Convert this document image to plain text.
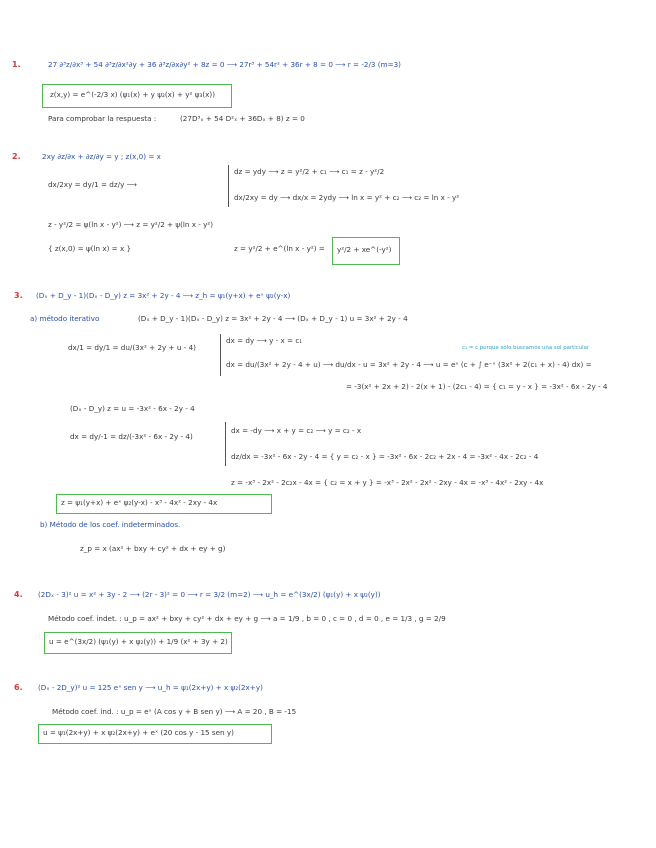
1.	27 ∂³z/∂x³ + 54 ∂³z/∂x²∂y + 36 ∂³z/∂x∂y² + 8z = 0 ⟶ 27r³ + 54r² + 36r + 8 = 0 ⟶ r = -2/3 (m=3)
z(x,y) = e^(-2/3 x) (ψ₁(x) + y ψ₂(x) + y² ψ₃(x))
Para comprobar la respuesta :	(27D³ₓ + 54 D²ₓ + 36Dₓ + 8) z = 0
2.	2xy ∂z/∂x + ∂z/∂y = y ; z(x,0) = x
dx/2xy = dy/1 = dz/y ⟶
dz = ydy ⟶ z = y²/2 + c₁ ⟶ c₁ = z - y²/2
dx/2xy = dy ⟶ dx/x = 2ydy ⟶ ln x = y² + c₂ ⟶ c₂ = ln x - y²
z - y²/2 = ψ(ln x - y²) ⟶ z = y²/2 + ψ(ln x - y²)
{ z(x,0) = ψ(ln x) = x }	z = y²/2 + e^(ln x - y²) = y²/2 + xe^(-y²)
3. (Dₓ + D_y - 1)(Dₓ - D_y) z = 3x² + 2y - 4 ⟶ z_h = ψ₁(y+x) + eˣ ψ₂(y-x)
a) método iterativo	(Dₓ + D_y - 1)(Dₓ - D_y) z = 3x² + 2y - 4 ⟶ (Dₓ + D_y - 1) u = 3x² + 2y - 4
dx/1 = dy/1 = du/(3x² + 2y + u - 4)
dx = dy ⟶ y - x = c₁
c₁ = c porque solo buscamos una sol particular
dx = du/(3x² + 2y - 4 + u) ⟶ du/dx - u = 3x² + 2y - 4 ⟶ u = eˣ (c + ∫ e⁻ˣ (3x² + 2(c₁ + x) - 4) dx) =
= -3(x² + 2x + 2) - 2(x + 1) - (2c₁ - 4) = { c₁ = y - x } = -3x² - 6x - 2y - 4
(Dₓ - D_y) z = u = -3x² - 6x - 2y - 4
dx = dy/-1 = dz/(-3x² - 6x - 2y - 4)
dx = -dy ⟶ x + y = c₂ ⟶ y = c₂ - x
dz/dx = -3x² - 6x - 2y - 4 = { y = c₂ - x } = -3x² - 6x - 2c₂ + 2x - 4 = -3x² - 4x - 2c₂ - 4
z = -x³ - 2x² - 2c₂x - 4x = { c₂ = x + y } = -x³ - 2x² - 2x² - 2xy - 4x = -x³ - 4x² - 2xy - 4x
z = ψ₁(y+x) + eˣ ψ₂(y-x) - x³ - 4x² - 2xy - 4x
b) Método de los coef. indeterminados.
z_p = x (ax² + bxy + cy² + dx + ey + g)
4. (2Dₓ - 3)² u = x² + 3y - 2 ⟶ (2r - 3)² = 0 ⟶ r = 3/2 (m=2) ⟶ u_h = e^(3x/2) (ψ₁(y) + x ψ₂(y))
Método coef. indet. : u_p = ax² + bxy + cy² + dx + ey + g ⟶ a = 1/9 , b = 0 , c = 0 , d = 0 , e = 1/3 , g = 2/9
u = e^(3x/2) (ψ₁(y) + x ψ₂(y)) + 1/9 (x² + 3y + 2)
6. (Dₓ - 2D_y)² u = 125 eˣ sen y ⟶ u_h = ψ₁(2x+y) + x ψ₂(2x+y)
Método coef. ind. : u_p = eˣ (A cos y + B sen y) ⟶ A = 20 , B = -15
u = ψ₁(2x+y) + x ψ₂(2x+y) + eˣ (20 cos y - 15 sen y)
